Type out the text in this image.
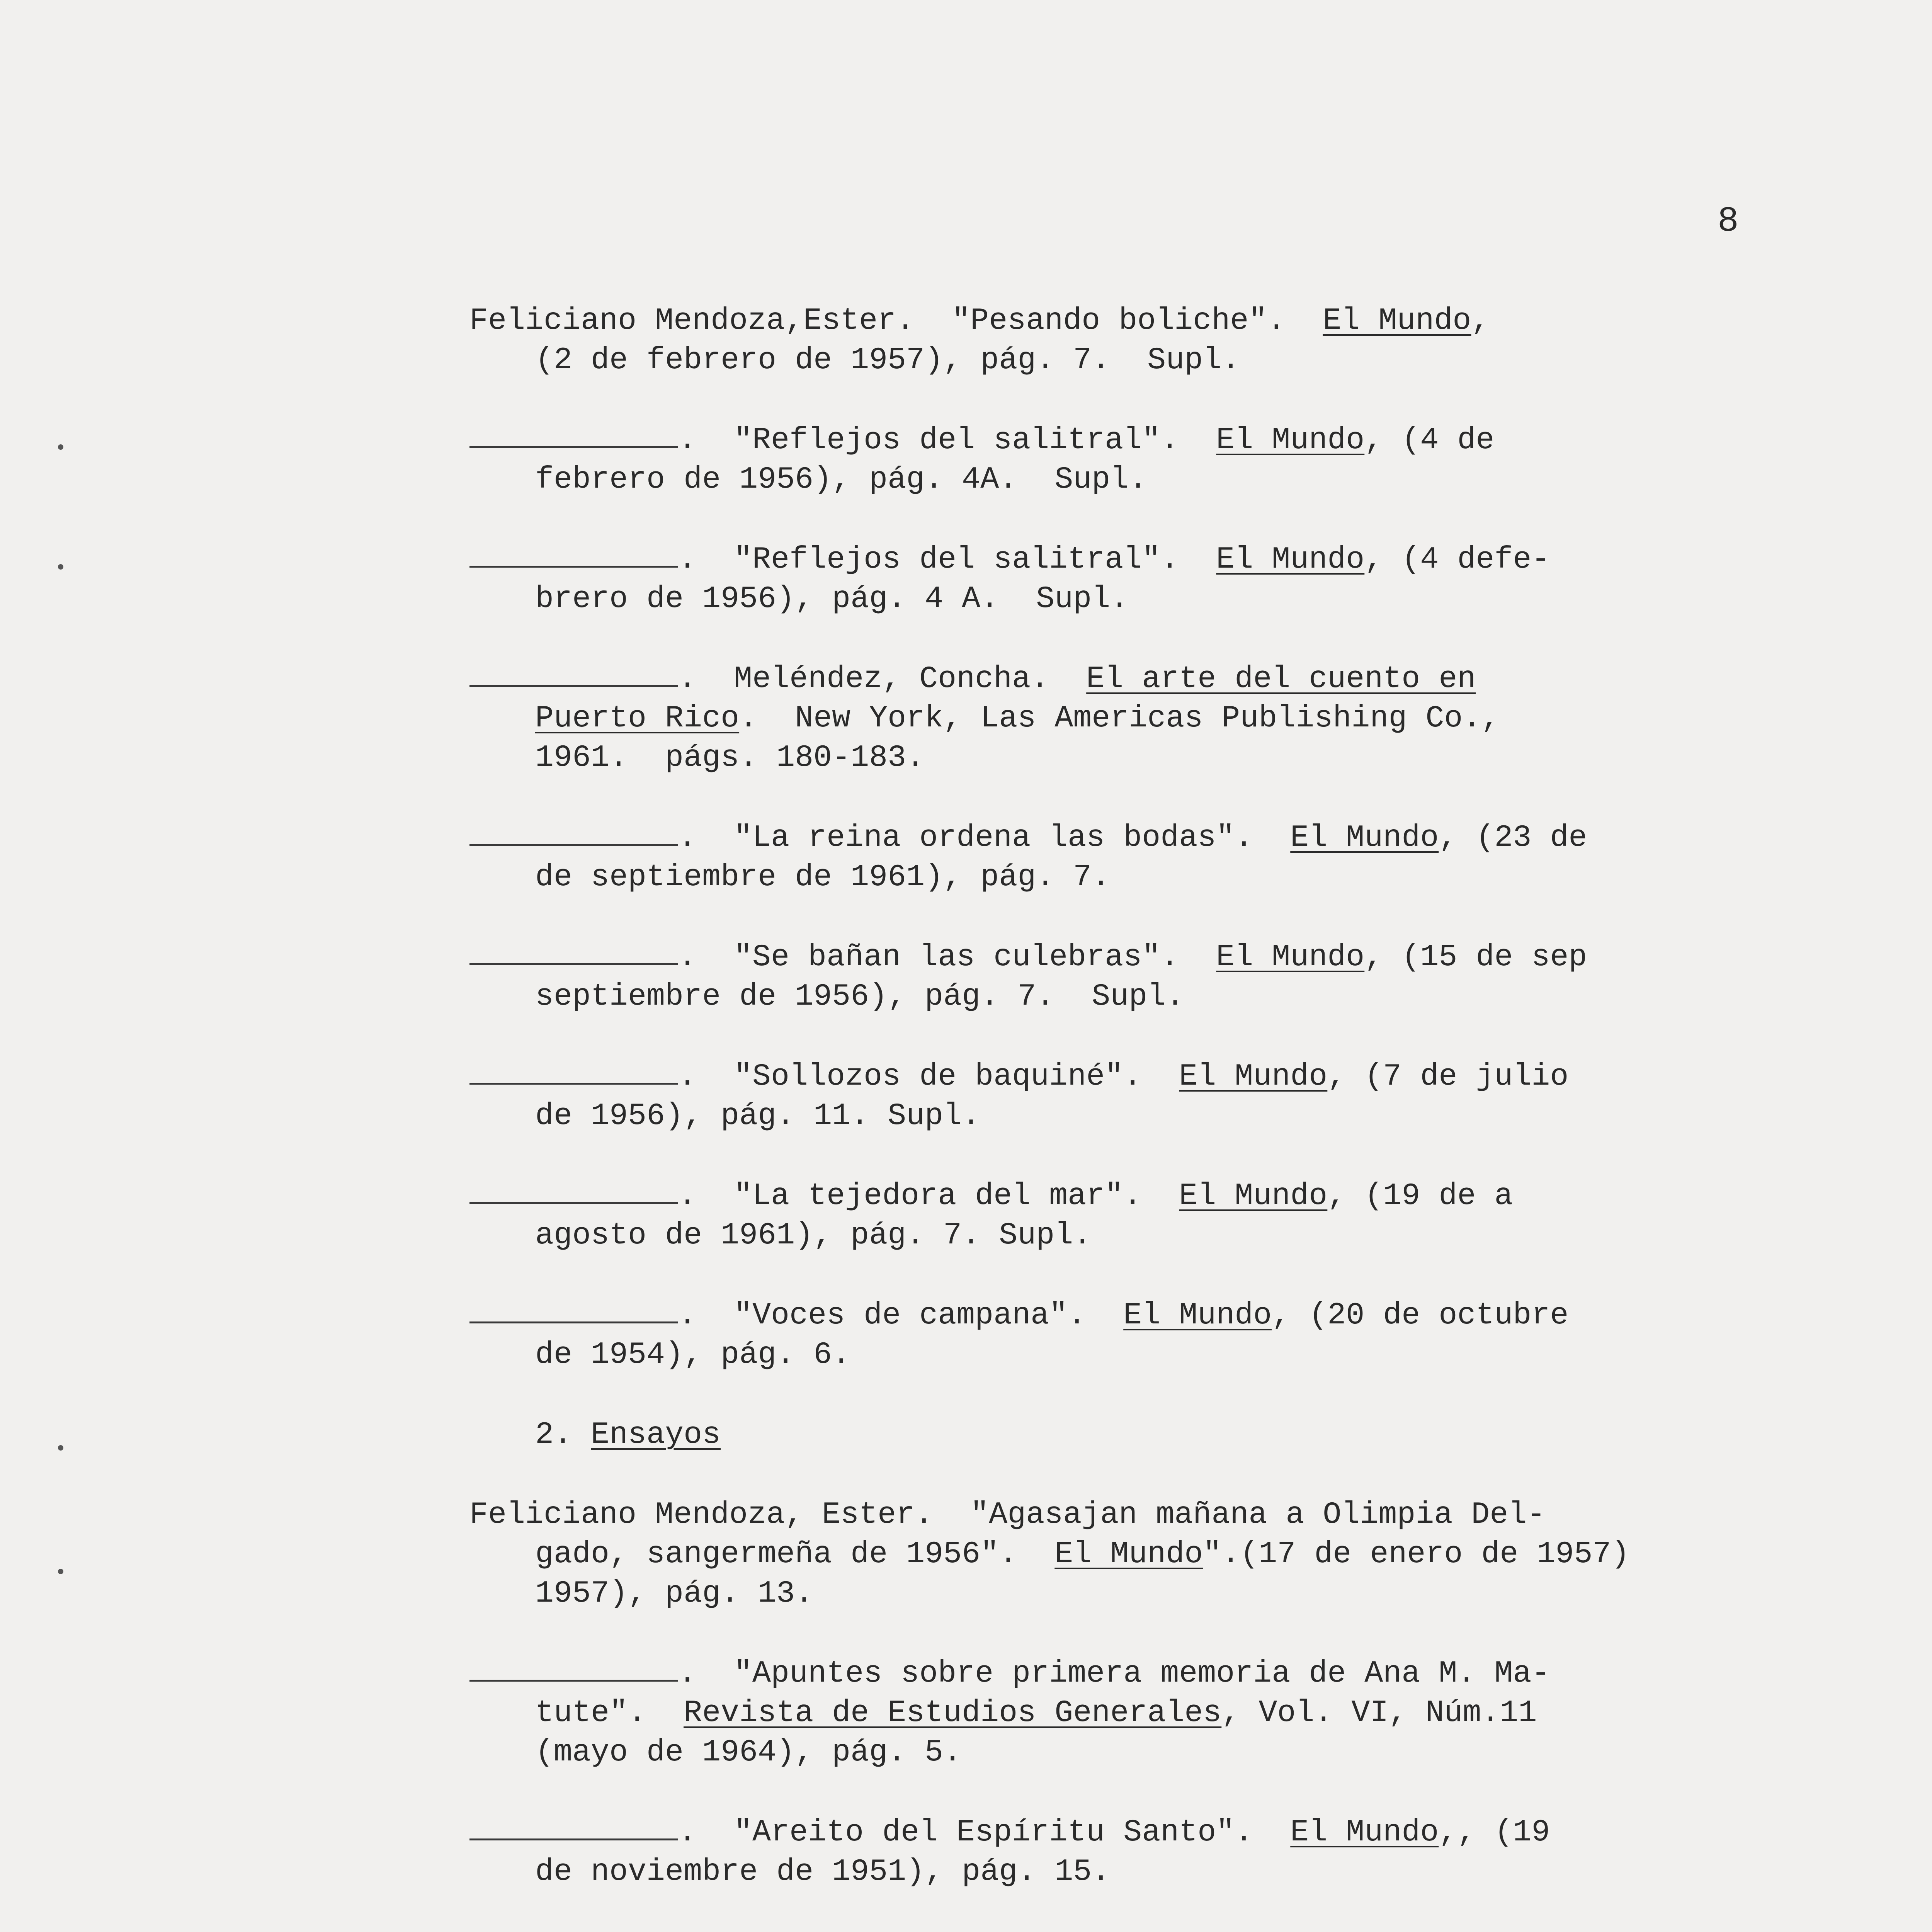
8
Feliciano Mendoza,Ester.  "Pesando boliche".  El Mundo,
(2 de febrero de 1957), pág. 7.  Supl.
.  "Reflejos del salitral".  El Mundo, (4 de
febrero de 1956), pág. 4A.  Supl.
.  "Reflejos del salitral".  El Mundo, (4 defe-
brero de 1956), pág. 4 A.  Supl.
.  Meléndez, Concha.  El arte del cuento en
Puerto Rico.  New York, Las Americas Publishing Co.,
1961.  págs. 180-183.
.  "La reina ordena las bodas".  El Mundo, (23 de
de septiembre de 1961), pág. 7.
.  "Se bañan las culebras".  El Mundo, (15 de sep
septiembre de 1956), pág. 7.  Supl.
.  "Sollozos de baquiné".  El Mundo, (7 de julio
de 1956), pág. 11. Supl.
.  "La tejedora del mar".  El Mundo, (19 de a
agosto de 1961), pág. 7. Supl.
.  "Voces de campana".  El Mundo, (20 de octubre
de 1954), pág. 6.
2. Ensayos
Feliciano Mendoza, Ester.  "Agasajan mañana a Olimpia Del-
gado, sangermeña de 1956".  El Mundo".(17 de enero de 1957)
1957), pág. 13.
.  "Apuntes sobre primera memoria de Ana M. Ma-
tute".  Revista de Estudios Generales, Vol. VI, Núm.11
(mayo de 1964), pág. 5.
.  "Areito del Espíritu Santo".  El Mundo,, (19
de noviembre de 1951), pág. 15.
